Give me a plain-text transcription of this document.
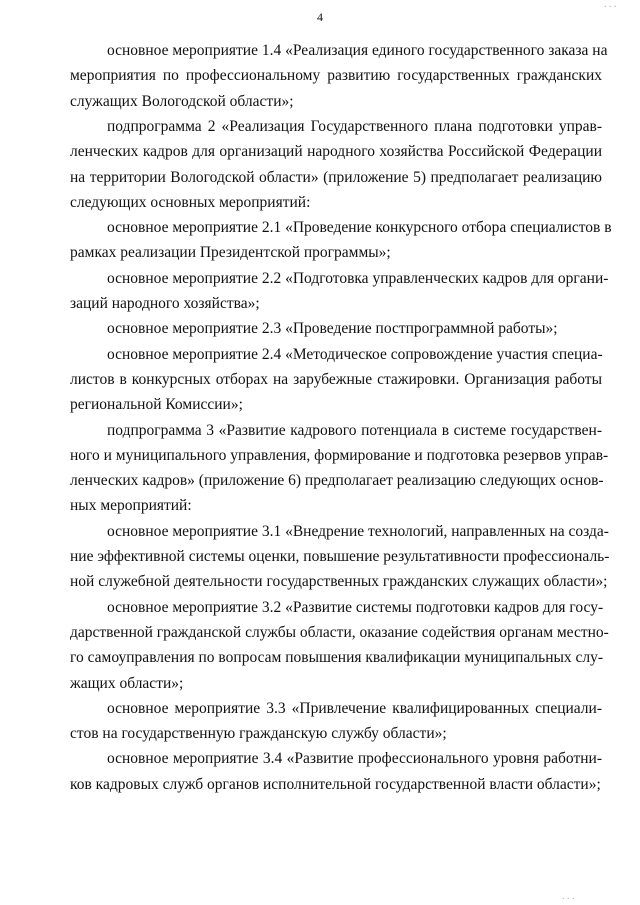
4
основное мероприятие 1.4 «Реализация единого государственного заказа на
мероприятия по профессиональному развитию государственных гражданских
служащих Вологодской области»;
подпрограмма 2 «Реализация Государственного плана подготовки управ-
ленческих кадров для организаций народного хозяйства Российской Федерации
на территории Вологодской области» (приложение 5) предполагает реализацию
следующих основных мероприятий:
основное мероприятие 2.1 «Проведение конкурсного отбора специалистов в
рамках реализации Президентской программы»;
основное мероприятие 2.2 «Подготовка управленческих кадров для органи-
заций народного хозяйства»;
основное мероприятие 2.3 «Проведение постпрограммной работы»;
основное мероприятие 2.4 «Методическое сопровождение участия специа-
листов в конкурсных отборах на зарубежные стажировки. Организация работы
региональной Комиссии»;
подпрограмма 3 «Развитие кадрового потенциала в системе государствен-
ного и муниципального управления, формирование и подготовка резервов управ-
ленческих кадров» (приложение 6) предполагает реализацию следующих основ-
ных мероприятий:
основное мероприятие 3.1 «Внедрение технологий, направленных на созда-
ние эффективной системы оценки, повышение результативности профессиональ-
ной служебной деятельности государственных гражданских служащих области»;
основное мероприятие 3.2 «Развитие системы подготовки кадров для госу-
дарственной гражданской службы области, оказание содействия органам местно-
го самоуправления по вопросам повышения квалификации муниципальных слу-
жащих области»;
основное мероприятие 3.3 «Привлечение квалифицированных специали-
стов на государственную гражданскую службу области»;
основное мероприятие 3.4 «Развитие профессионального уровня работни-
ков кадровых служб органов исполнительной государственной власти области»;
. . .
. . .
